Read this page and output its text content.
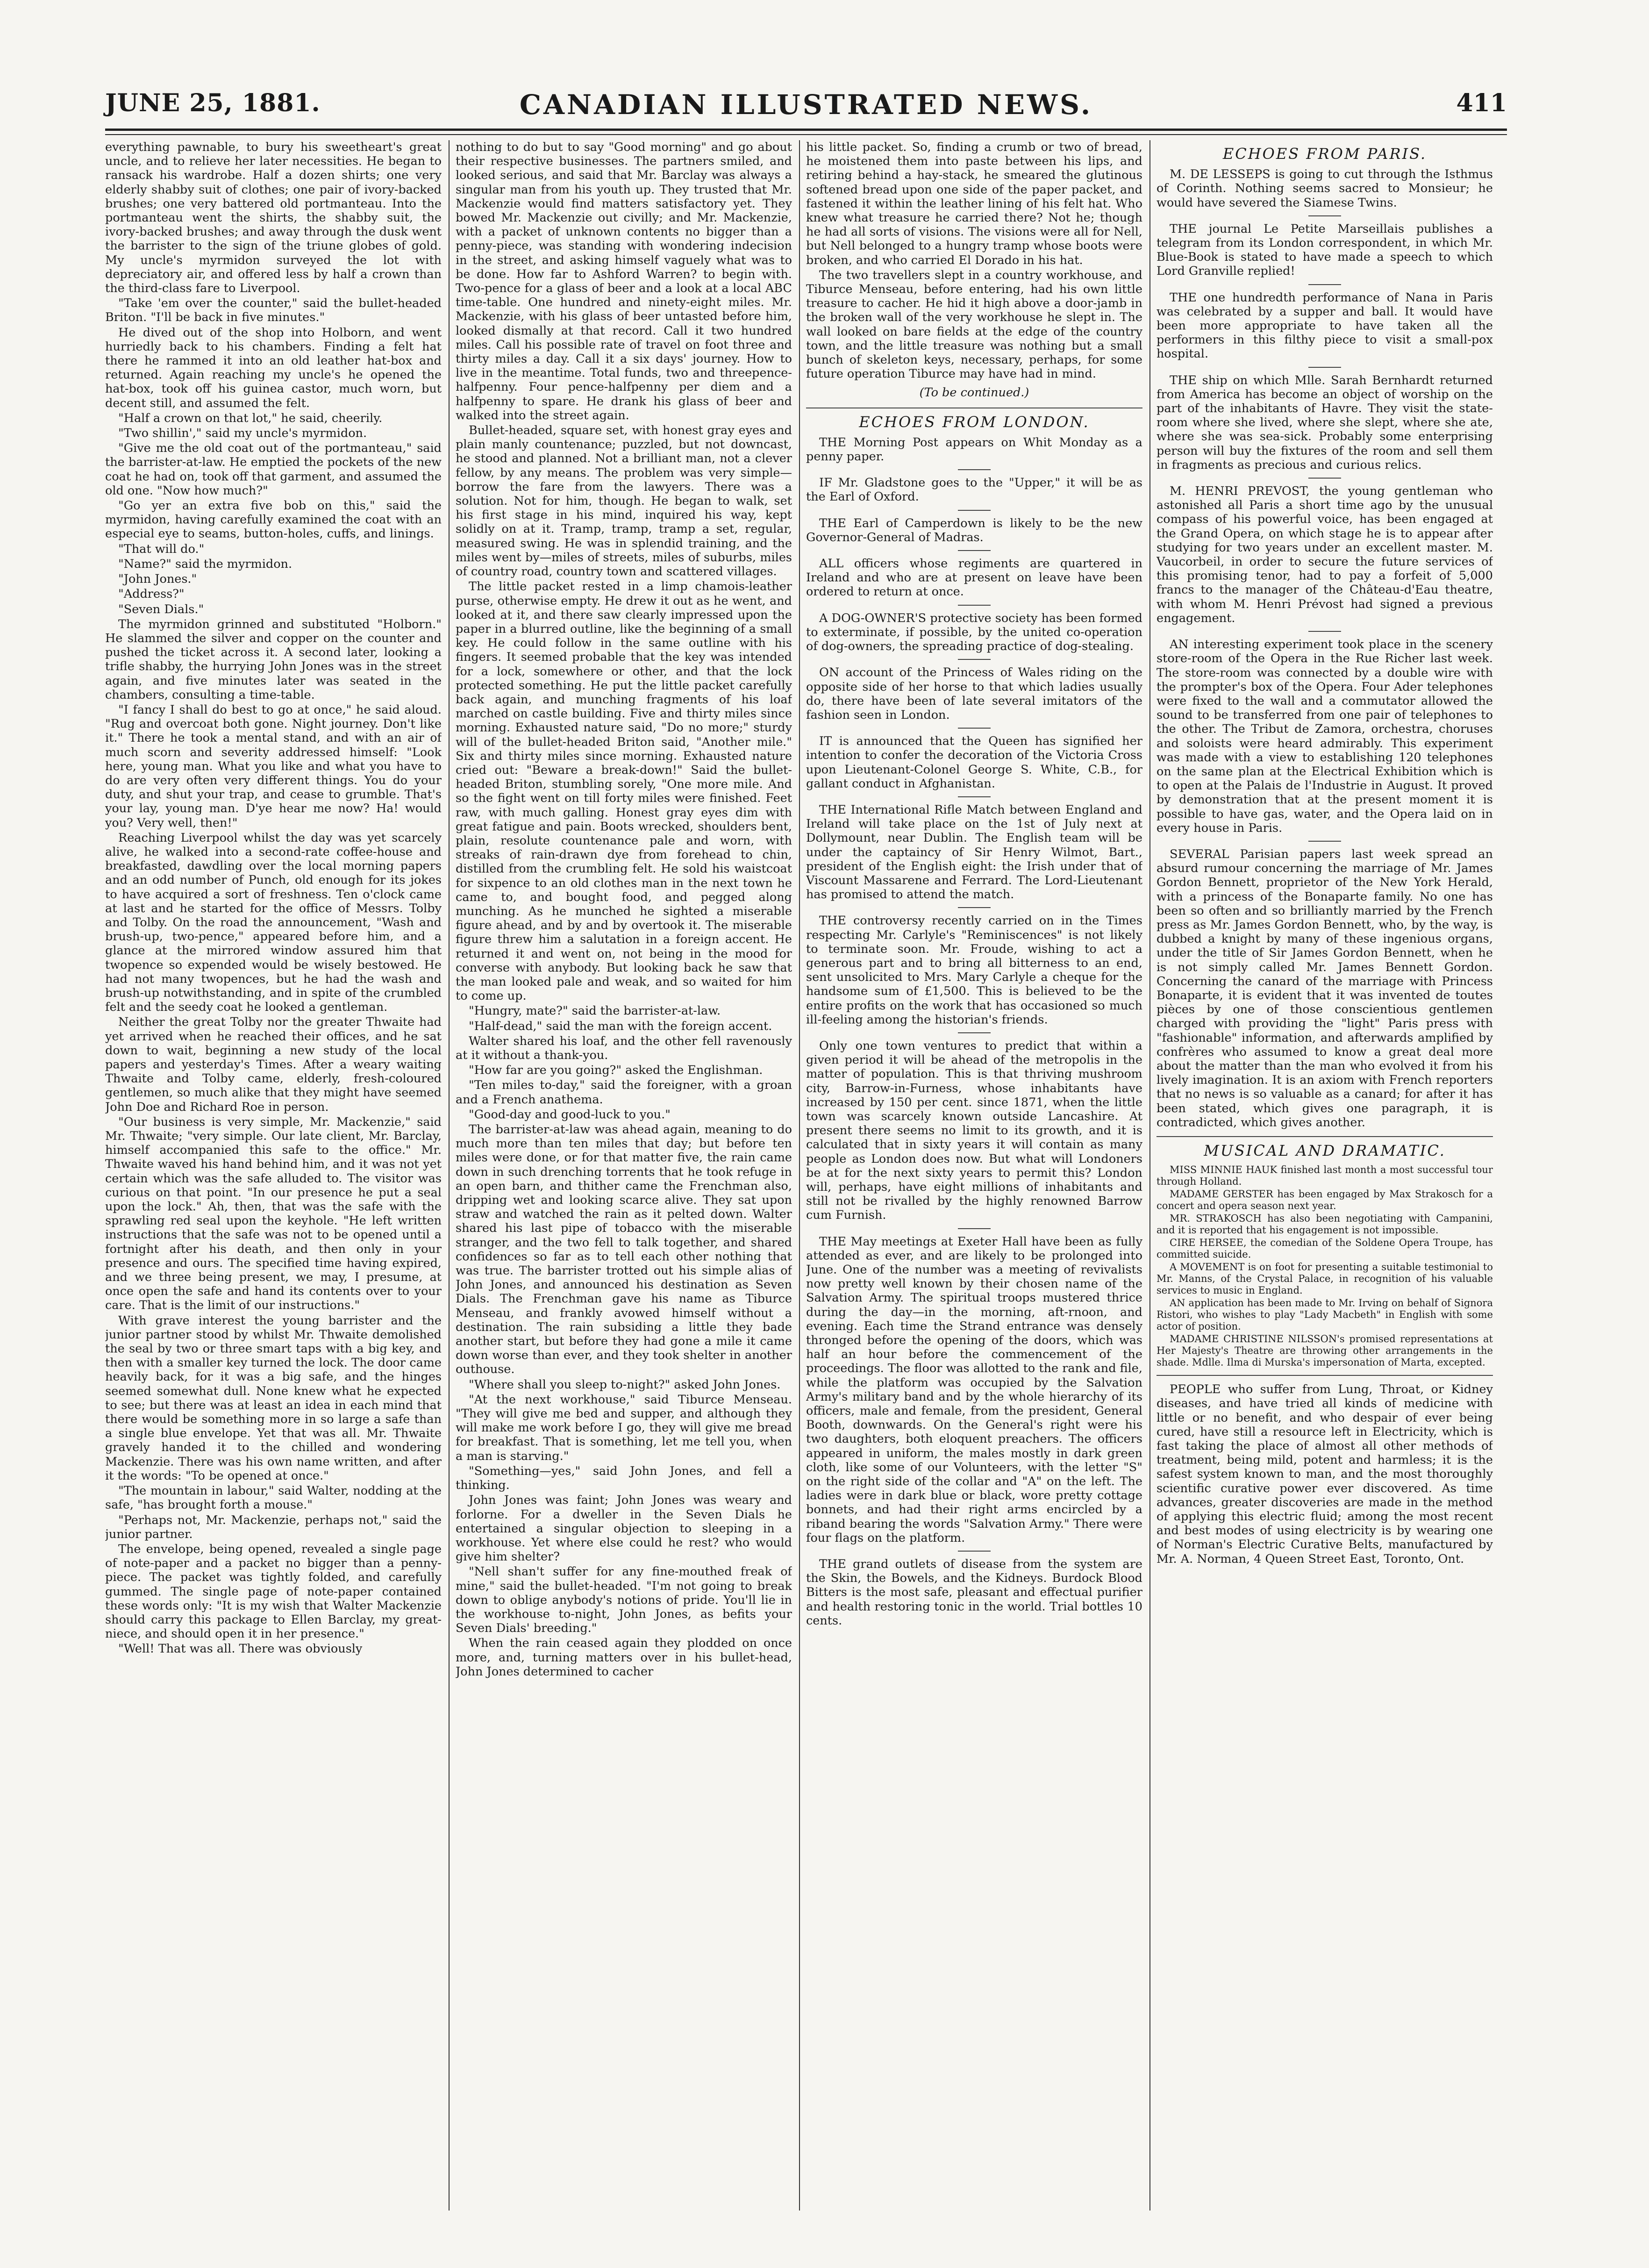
JUNE 25, 1881.	CANADIAN ILLUSTRATED NEWS.	411

everything pawnable, to bury his sweetheart's great uncle, and to relieve her later necessities. He began to ransack his wardrobe. Half a dozen shirts; one very elderly shabby suit of clothes; one pair of ivory-backed brushes; one very battered old portmanteau. Into the portmanteau went the shirts, the shabby suit, the ivory-backed brushes; and away through the dusk went the barrister to the sign of the triune globes of gold. My uncle's myrmidon surveyed the lot with depreciatory air, and offered less by half a crown than the third-class fare to Liverpool.

"Take 'em over the counter," said the bullet-headed Briton. "I'll be back in five minutes."

He dived out of the shop into Holborn, and went hurriedly back to his chambers. Finding a felt hat there he rammed it into an old leather hat-box and returned. Again reaching my uncle's he opened the hat-box, took off his guinea castor, much worn, but decent still, and assumed the felt.

"Half a crown on that lot," he said, cheerily.

"Two shillin'," said my uncle's myrmidon.

"Give me the old coat out of the portmanteau," said the barrister-at-law. He emptied the pockets of the new coat he had on, took off that garment, and assumed the old one. "Now how much?"

"Go yer an extra five bob on this," said the myrmidon, having carefully examined the coat with an especial eye to seams, button-holes, cuffs, and linings.

"That will do."

"Name?" said the myrmidon.

"John Jones."

"Address?"

"Seven Dials."

The myrmidon grinned and substituted "Holborn." He slammed the silver and copper on the counter and pushed the ticket across it. A second later, looking a trifle shabby, the hurrying John Jones was in the street again, and five minutes later was seated in the chambers, consulting a time-table.

"I fancy I shall do best to go at once," he said aloud. "Rug and overcoat both gone. Night journey. Don't like it." There he took a mental stand, and with an air of much scorn and severity addressed himself: "Look here, young man. What you like and what you have to do are very often very different things. You do your duty, and shut your trap, and cease to grumble. That's your lay, young man. D'ye hear me now? Ha! would you? Very well, then!"

Reaching Liverpool whilst the day was yet scarcely alive, he walked into a second-rate coffee-house and breakfasted, dawdling over the local morning papers and an odd number of Punch, old enough for its jokes to have acquired a sort of freshness. Ten o'clock came at last and he started for the office of Messrs. Tolby and Tolby. On the road the announcement, "Wash and brush-up, two-pence," appeared before him, and a glance at the mirrored window assured him that twopence so expended would be wisely bestowed. He had not many twopences, but he had the wash and brush-up notwithstanding, and in spite of the crumbled felt and the seedy coat he looked a gentleman.

Neither the great Tolby nor the greater Thwaite had yet arrived when he reached their offices, and he sat down to wait, beginning a new study of the local papers and yesterday's Times. After a weary waiting Thwaite and Tolby came, elderly, fresh-coloured gentlemen, so much alike that they might have seemed John Doe and Richard Roe in person.

"Our business is very simple, Mr. Mackenzie," said Mr. Thwaite; "very simple. Our late client, Mr. Barclay, himself accompanied this safe to the office." Mr. Thwaite waved his hand behind him, and it was not yet certain which was the safe alluded to. The visitor was curious on that point. "In our presence he put a seal upon the lock." Ah, then, that was the safe with the sprawling red seal upon the keyhole. "He left written instructions that the safe was not to be opened until a fortnight after his death, and then only in your presence and ours. The specified time having expired, and we three being present, we may, I presume, at once open the safe and hand its contents over to your care. That is the limit of our instructions."

With grave interest the young barrister and the junior partner stood by whilst Mr. Thwaite demolished the seal by two or three smart taps with a big key, and then with a smaller key turned the lock. The door came heavily back, for it was a big safe, and the hinges seemed somewhat dull. None knew what he expected to see; but there was at least an idea in each mind that there would be something more in so large a safe than a single blue envelope. Yet that was all. Mr. Thwaite gravely handed it to the chilled and wondering Mackenzie. There was his own name written, and after it the words: "To be opened at once."

"The mountain in labour," said Walter, nodding at the safe, "has brought forth a mouse."

"Perhaps not, Mr. Mackenzie, perhaps not," said the junior partner.

The envelope, being opened, revealed a single page of note-paper and a packet no bigger than a penny-piece. The packet was tightly folded, and carefully gummed. The single page of note-paper contained these words only: "It is my wish that Walter Mackenzie should carry this package to Ellen Barclay, my great-niece, and should open it in her presence."

"Well! That was all. There was obviously

nothing to do but to say "Good morning" and go about their respective businesses. The partners smiled, and looked serious, and said that Mr. Barclay was always a singular man from his youth up. They trusted that Mr. Mackenzie would find matters satisfactory yet. They bowed Mr. Mackenzie out civilly; and Mr. Mackenzie, with a packet of unknown contents no bigger than a penny-piece, was standing with wondering indecision in the street, and asking himself vaguely what was to be done. How far to Ashford Warren? to begin with. Two-pence for a glass of beer and a look at a local ABC time-table. One hundred and ninety-eight miles. Mr. Mackenzie, with his glass of beer untasted before him, looked dismally at that record. Call it two hundred miles. Call his possible rate of travel on foot three and thirty miles a day. Call it a six days' journey. How to live in the meantime. Total funds, two and threepence-halfpenny. Four pence-halfpenny per diem and a halfpenny to spare. He drank his glass of beer and walked into the street again.

Bullet-headed, square set, with honest gray eyes and plain manly countenance; puzzled, but not downcast, he stood and planned. Not a brilliant man, not a clever fellow, by any means. The problem was very simple—borrow the fare from the lawyers. There was a solution. Not for him, though. He began to walk, set his first stage in his mind, inquired his way, kept solidly on at it. Tramp, tramp, tramp a set, regular, measured swing. He was in splendid training, and the miles went by—miles of streets, miles of suburbs, miles of country road, country town and scattered villages.

The little packet rested in a limp chamois-leather purse, otherwise empty. He drew it out as he went, and looked at it, and there saw clearly impressed upon the paper in a blurred outline, like the beginning of a small key. He could follow in the same outline with his fingers. It seemed probable that the key was intended for a lock, somewhere or other, and that the lock protected something. He put the little packet carefully back again, and munching fragments of his loaf marched on castle building. Five and thirty miles since morning. Exhausted nature said, "Do no more;" sturdy will of the bullet-headed Briton said, "Another mile." Six and thirty miles since morning. Exhausted nature cried out: "Beware a break-down!" Said the bullet-headed Briton, stumbling sorely, "One more mile. And so the fight went on till forty miles were finished. Feet raw, with much galling. Honest gray eyes dim with great fatigue and pain. Boots wrecked, shoulders bent, plain, resolute countenance pale and worn, with streaks of rain-drawn dye from forehead to chin, distilled from the crumbling felt. He sold his waistcoat for sixpence to an old clothes man in the next town he came to, and bought food, and pegged along munching. As he munched he sighted a miserable figure ahead, and by and by overtook it. The miserable figure threw him a salutation in a foreign accent. He returned it and went on, not being in the mood for converse with anybody. But looking back he saw that the man looked pale and weak, and so waited for him to come up.

"Hungry, mate?" said the barrister-at-law.

"Half-dead," said the man with the foreign accent.

Walter shared his loaf, and the other fell ravenously at it without a thank-you.

"How far are you going?" asked the Englishman.

"Ten miles to-day," said the foreigner, with a groan and a French anathema.

"Good-day and good-luck to you."

The barrister-at-law was ahead again, meaning to do much more than ten miles that day; but before ten miles were done, or for that matter five, the rain came down in such drenching torrents that he took refuge in an open barn, and thither came the Frenchman also, dripping wet and looking scarce alive. They sat upon straw and watched the rain as it pelted down. Walter shared his last pipe of tobacco with the miserable stranger, and the two fell to talk together, and shared confidences so far as to tell each other nothing that was true. The barrister trotted out his simple alias of John Jones, and announced his destination as Seven Dials. The Frenchman gave his name as Tiburce Menseau, and frankly avowed himself without a destination. The rain subsiding a little they bade another start, but before they had gone a mile it came down worse than ever, and they took shelter in another outhouse.

"Where shall you sleep to-night?" asked John Jones.

"At the next workhouse," said Tiburce Menseau. "They will give me bed and supper, and although they will make me work before I go, they will give me bread for breakfast. That is something, let me tell you, when a man is starving."

"Something—yes," said John Jones, and fell a thinking.

John Jones was faint; John Jones was weary and forlorne. For a dweller in the Seven Dials he entertained a singular objection to sleeping in a workhouse. Yet where else could he rest? who would give him shelter?

"Nell shan't suffer for any fine-mouthed freak of mine," said the bullet-headed. "I'm not going to break down to oblige anybody's notions of pride. You'll lie in the workhouse to-night, John Jones, as befits your Seven Dials' breeding."

When the rain ceased again they plodded on once more, and, turning matters over in his bullet-head, John Jones determined to cacher

his little packet. So, finding a crumb or two of bread, he moistened them into paste between his lips, and retiring behind a hay-stack, he smeared the glutinous softened bread upon one side of the paper packet, and fastened it within the leather lining of his felt hat. Who knew what treasure he carried there? Not he; though he had all sorts of visions. The visions were all for Nell, but Nell belonged to a hungry tramp whose boots were broken, and who carried El Dorado in his hat.

The two travellers slept in a country workhouse, and Tiburce Menseau, before entering, had his own little treasure to cacher. He hid it high above a door-jamb in the broken wall of the very workhouse he slept in. The wall looked on bare fields at the edge of the country town, and the little treasure was nothing but a small bunch of skeleton keys, necessary, perhaps, for some future operation Tiburce may have had in mind.

(To be continued.)
ECHOES FROM LONDON.

THE Morning Post appears on Whit Monday as a penny paper.

IF Mr. Gladstone goes to the "Upper," it will be as the Earl of Oxford.

THE Earl of Camperdown is likely to be the new Governor-General of Madras.

ALL officers whose regiments are quartered in Ireland and who are at present on leave have been ordered to return at once.

A DOG-OWNER'S protective society has been formed to exterminate, if possible, by the united co-operation of dog-owners, the spreading practice of dog-stealing.

ON account of the Princess of Wales riding on the opposite side of her horse to that which ladies usually do, there have been of late several imitators of the fashion seen in London.

IT is announced that the Queen has signified her intention to confer the decoration of the Victoria Cross upon Lieutenant-Colonel George S. White, C.B., for gallant conduct in Afghanistan.

THE International Rifle Match between England and Ireland will take place on the 1st of July next at Dollymount, near Dublin. The English team will be under the captaincy of Sir Henry Wilmot, Bart., president of the English eight: the Irish under that of Viscount Massarene and Ferrard. The Lord-Lieutenant has promised to attend the match.

THE controversy recently carried on in the Times respecting Mr. Carlyle's "Reminiscences" is not likely to terminate soon. Mr. Froude, wishing to act a generous part and to bring all bitterness to an end, sent unsolicited to Mrs. Mary Carlyle a cheque for the handsome sum of £1,500. This is believed to be the entire profits on the work that has occasioned so much ill-feeling among the historian's friends.

Only one town ventures to predict that within a given period it will be ahead of the metropolis in the matter of population. This is that thriving mushroom city, Barrow-in-Furness, whose inhabitants have increased by 150 per cent. since 1871, when the little town was scarcely known outside Lancashire. At present there seems no limit to its growth, and it is calculated that in sixty years it will contain as many people as London does now. But what will Londoners be at for the next sixty years to permit this? London will, perhaps, have eight millions of inhabitants and still not be rivalled by the highly renowned Barrow cum Furnish.

THE May meetings at Exeter Hall have been as fully attended as ever, and are likely to be prolonged into June. One of the number was a meeting of revivalists now pretty well known by their chosen name of the Salvation Army. The spiritual troops mustered thrice during the day—in the morning, aft-rnoon, and evening. Each time the Strand entrance was densely thronged before the opening of the doors, which was half an hour before the commencement of the proceedings. The floor was allotted to the rank and file, while the platform was occupied by the Salvation Army's military band and by the whole hierarchy of its officers, male and female, from the president, General Booth, downwards. On the General's right were his two daughters, both eloquent preachers. The officers appeared in uniform, the males mostly in dark green cloth, like some of our Volunteers, with the letter "S" on the right side of the collar and "A" on the left. The ladies were in dark blue or black, wore pretty cottage bonnets, and had their right arms encircled by a riband bearing the words "Salvation Army." There were four flags on the platform.

THE grand outlets of disease from the system are the Skin, the Bowels, and the Kidneys. Burdock Blood Bitters is the most safe, pleasant and effectual purifier and health restoring tonic in the world. Trial bottles 10 cents.

ECHOES FROM PARIS.

M. DE LESSEPS is going to cut through the Isthmus of Corinth. Nothing seems sacred to Monsieur; he would have severed the Siamese Twins.

THE journal Le Petite Marseillais publishes a telegram from its London correspondent, in which Mr. Blue-Book is stated to have made a speech to which Lord Granville replied!

THE one hundredth performance of Nana in Paris was celebrated by a supper and ball. It would have been more appropriate to have taken all the performers in this filthy piece to visit a small-pox hospital.

THE ship on which Mlle. Sarah Bernhardt returned from America has become an object of worship on the part of the inhabitants of Havre. They visit the state-room where she lived, where she slept, where she ate, where she was sea-sick. Probably some enterprising person will buy the fixtures of the room and sell them in fragments as precious and curious relics.

M. HENRI PREVOST, the young gentleman who astonished all Paris a short time ago by the unusual compass of his powerful voice, has been engaged at the Grand Opera, on which stage he is to appear after studying for two years under an excellent master. M. Vaucorbeil, in order to secure the future services of this promising tenor, had to pay a forfeit of 5,000 francs to the manager of the Château-d'Eau theatre, with whom M. Henri Prévost had signed a previous engagement.

AN interesting experiment took place in the scenery store-room of the Opera in the Rue Richer last week. The store-room was connected by a double wire with the prompter's box of the Opera. Four Ader telephones were fixed to the wall and a commutator allowed the sound to be transferred from one pair of telephones to the other. The Tribut de Zamora, orchestra, choruses and soloists were heard admirably. This experiment was made with a view to establishing 120 telephones on the same plan at the Electrical Exhibition which is to open at the Palais de l'Industrie in August. It proved by demonstration that at the present moment it is possible to have gas, water, and the Opera laid on in every house in Paris.

SEVERAL Parisian papers last week spread an absurd rumour concerning the marriage of Mr. James Gordon Bennett, proprietor of the New York Herald, with a princess of the Bonaparte family. No one has been so often and so brilliantly married by the French press as Mr. James Gordon Bennett, who, by the way, is dubbed a knight by many of these ingenious organs, under the title of Sir James Gordon Bennett, when he is not simply called Mr. James Bennett Gordon. Concerning the canard of the marriage with Princess Bonaparte, it is evident that it was invented de toutes pièces by one of those conscientious gentlemen charged with providing the "light" Paris press with "fashionable" information, and afterwards amplified by confrères who assumed to know a great deal more about the matter than the man who evolved it from his lively imagination. It is an axiom with French reporters that no news is so valuable as a canard; for after it has been stated, which gives one paragraph, it is contradicted, which gives another.

MUSICAL AND DRAMATIC.

MISS MINNIE HAUK finished last month a most successful tour through Holland.

MADAME GERSTER has been engaged by Max Strakosch for a concert and opera season next year.

MR. STRAKOSCH has also been negotiating with Campanini, and it is reported that his engagement is not impossible.

CIRE HERSEE, the comedian of the Soldene Opera Troupe, has committed suicide.

A MOVEMENT is on foot for presenting a suitable testimonial to Mr. Manns, of the Crystal Palace, in recognition of his valuable services to music in England.

AN application has been made to Mr. Irving on behalf of Signora Ristori, who wishes to play "Lady Macbeth" in English with some actor of position.

MADAME CHRISTINE NILSSON's promised representations at Her Majesty's Theatre are throwing other arrangements in the shade. Mdlle. Ilma di Murska's impersonation of Marta, excepted.

PEOPLE who suffer from Lung, Throat, or Kidney diseases, and have tried all kinds of medicine with little or no benefit, and who despair of ever being cured, have still a resource left in Electricity, which is fast taking the place of almost all other methods of treatment, being mild, potent and harmless; it is the safest system known to man, and the most thoroughly scientific curative power ever discovered. As time advances, greater discoveries are made in the method of applying this electric fluid; among the most recent and best modes of using electricity is by wearing one of Norman's Electric Curative Belts, manufactured by Mr. A. Norman, 4 Queen Street East, Toronto, Ont.
